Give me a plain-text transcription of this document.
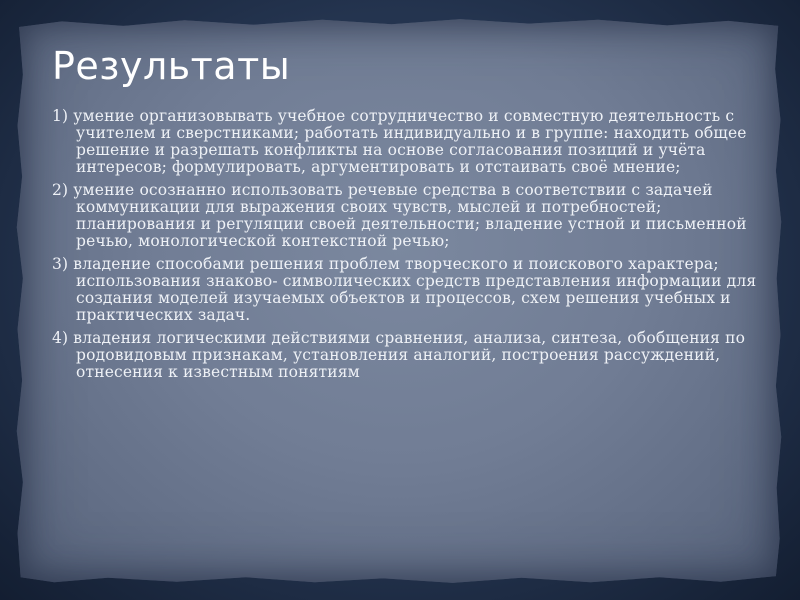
Результаты

1) умение организовывать учебное сотрудничество и совместную деятельность с учителем и сверстниками; работать индивидуально и в группе: находить общее решение и разрешать конфликты на основе согласования позиций и учёта интересов; формулировать, аргументировать и отстаивать своё мнение;

2) умение осознанно использовать речевые средства в соответствии с задачей коммуникации для выражения своих чувств, мыслей и потребностей; планирования и регуляции своей деятельности; владение устной и письменной речью, монологической контекстной речью;

3) владение способами решения проблем творческого и поискового характера; использования знаково- символических средств представления информации для создания моделей изучаемых объектов и процессов, схем решения учебных и практических задач.

4) владения логическими действиями сравнения, анализа, синтеза, обобщения по родовидовым признакам, установления аналогий, построения рассуждений, отнесения к известным понятиям
